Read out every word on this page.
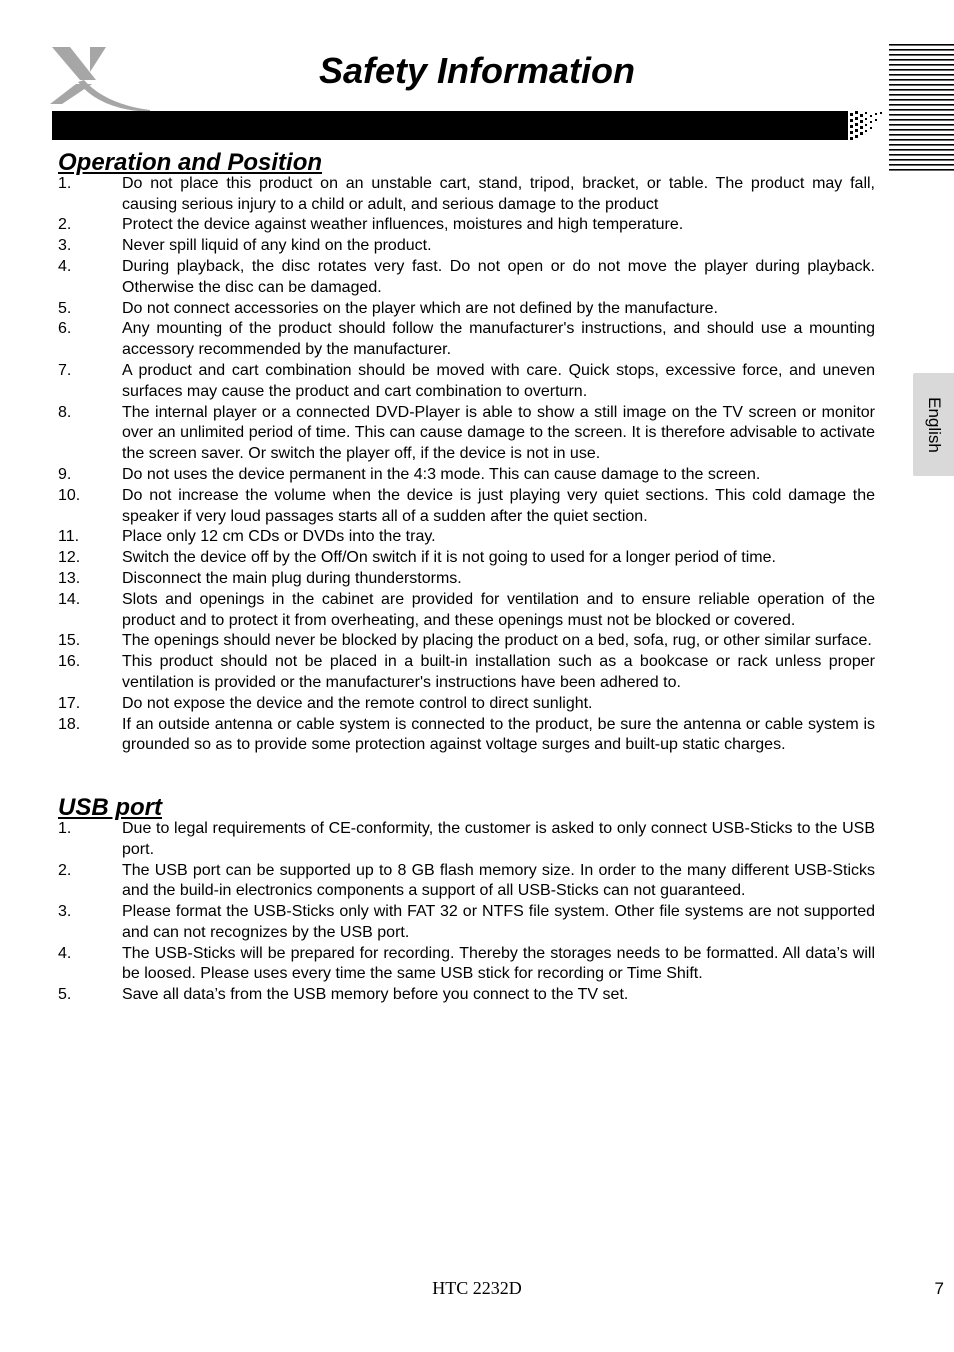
Safety Information
English
Operation and Position
1.	Do not place this product on an unstable cart, stand, tripod, bracket, or table. The product may fall, causing serious injury to a child or adult, and serious damage to the product
2.	Protect the device against weather influences, moistures and high temperature.
3.	Never spill liquid of any kind on the product.
4.	During playback, the disc rotates very fast. Do not open or do not move the player during playback. Otherwise the disc can be damaged.
5.	Do not connect accessories on the player which are not defined by the manufacture.
6.	Any mounting of the product should follow the manufacturer's instructions, and should use a mounting accessory recommended by the manufacturer.
7.	A product and cart combination should be moved with care. Quick stops, excessive force, and uneven surfaces may cause the product and cart combination to overturn.
8.	The internal player or a connected DVD-Player is able to show a still image on the TV screen or monitor over an unlimited period of time. This can cause damage to the screen. It is therefore advisable to activate the screen saver. Or switch the player off, if the device is not in use.
9.	Do not uses the device permanent in the 4:3 mode. This can cause damage to the screen.
10.	Do not increase the volume when the device is just playing very quiet sections. This cold damage the speaker if very loud passages starts all of a sudden after the quiet section.
11.	Place only 12 cm CDs or DVDs into the tray.
12.	Switch the device off by the Off/On switch if it is not going to used for a longer period of time.
13.	Disconnect the main plug during thunderstorms.
14.	Slots and openings in the cabinet are provided for ventilation and to ensure reliable operation of the product and to protect it from overheating, and these openings must not be blocked or covered.
15.	The openings should never be blocked by placing the product on a bed, sofa, rug, or other similar surface.
16.	This product should not be placed in a built-in installation such as a bookcase or rack unless proper ventilation is provided or the manufacturer's instructions have been adhered to.
17.	Do not expose the device and the remote control to direct sunlight.
18.	If an outside antenna or cable system is connected to the product, be sure the antenna or cable system is grounded so as to provide some protection against voltage surges and built-up static charges.
USB port
1.	Due to legal requirements of CE-conformity, the customer is asked to only connect USB-Sticks to the USB port.
2.	The USB port can be supported up to 8 GB flash memory size. In order to the many different USB-Sticks and the build-in electronics components a support of all USB-Sticks can not guaranteed.
3.	Please format the USB-Sticks only with FAT 32 or NTFS file system. Other file systems are not supported and can not recognizes by the USB port.
4.	The USB-Sticks will be prepared for recording. Thereby the storages needs to be formatted. All data’s will be loosed. Please uses every time the same USB stick for recording or Time Shift.
5.	Save all data’s from the USB memory before you connect to the TV set.
HTC 2232D	7
